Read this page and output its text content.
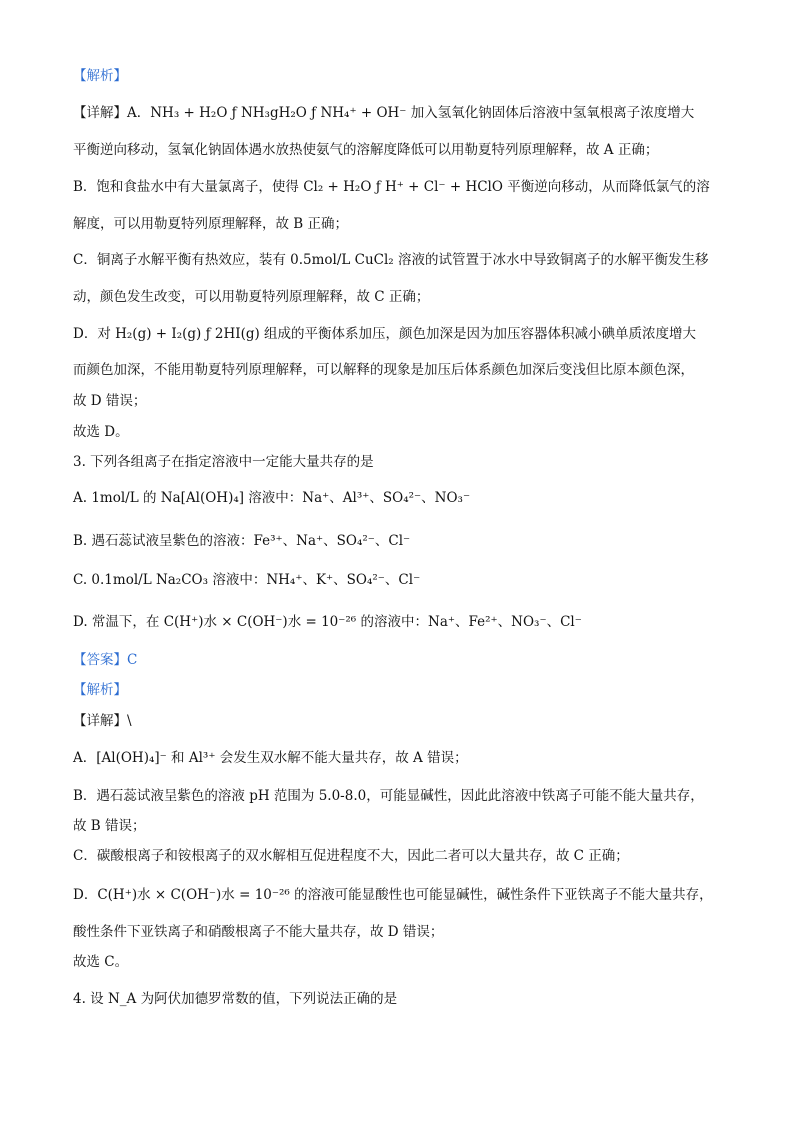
【解析】
【详解】A．NH₃ + H₂O ƒ NH₃gH₂O ƒ NH₄⁺ + OH⁻ 加入氢氧化钠固体后溶液中氢氧根离子浓度增大
平衡逆向移动，氢氧化钠固体遇水放热使氨气的溶解度降低可以用勒夏特列原理解释，故 A 正确；
B．饱和食盐水中有大量氯离子，使得 Cl₂ + H₂O ƒ H⁺ + Cl⁻ + HClO 平衡逆向移动，从而降低氯气的溶
解度，可以用勒夏特列原理解释，故 B 正确；
C．铜离子水解平衡有热效应，装有 0.5mol/L CuCl₂ 溶液的试管置于冰水中导致铜离子的水解平衡发生移
动，颜色发生改变，可以用勒夏特列原理解释，故 C 正确；
D．对 H₂(g) + I₂(g) ƒ 2HI(g) 组成的平衡体系加压，颜色加深是因为加压容器体积减小碘单质浓度增大
而颜色加深，不能用勒夏特列原理解释，可以解释的现象是加压后体系颜色加深后变浅但比原本颜色深，
故 D 错误；
故选 D。
3. 下列各组离子在指定溶液中一定能大量共存的是
A. 1mol/L 的 Na[Al(OH)₄] 溶液中：Na⁺、Al³⁺、SO₄²⁻、NO₃⁻
B. 遇石蕊试液呈紫色的溶液：Fe³⁺、Na⁺、SO₄²⁻、Cl⁻
C. 0.1mol/L Na₂CO₃ 溶液中：NH₄⁺、K⁺、SO₄²⁻、Cl⁻
D. 常温下，在 C(H⁺)水 × C(OH⁻)水 = 10⁻²⁶ 的溶液中：Na⁺、Fe²⁺、NO₃⁻、Cl⁻
【答案】C
【解析】
【详解】\
A．[Al(OH)₄]⁻ 和 Al³⁺ 会发生双水解不能大量共存，故 A 错误；
B．遇石蕊试液呈紫色的溶液 pH 范围为 5.0-8.0，可能显碱性，因此此溶液中铁离子可能不能大量共存，
故 B 错误；
C．碳酸根离子和铵根离子的双水解相互促进程度不大，因此二者可以大量共存，故 C 正确；
D．C(H⁺)水 × C(OH⁻)水 = 10⁻²⁶ 的溶液可能显酸性也可能显碱性，碱性条件下亚铁离子不能大量共存，
酸性条件下亚铁离子和硝酸根离子不能大量共存，故 D 错误；
故选 C。
4. 设 N_A 为阿伏加德罗常数的值，下列说法正确的是
